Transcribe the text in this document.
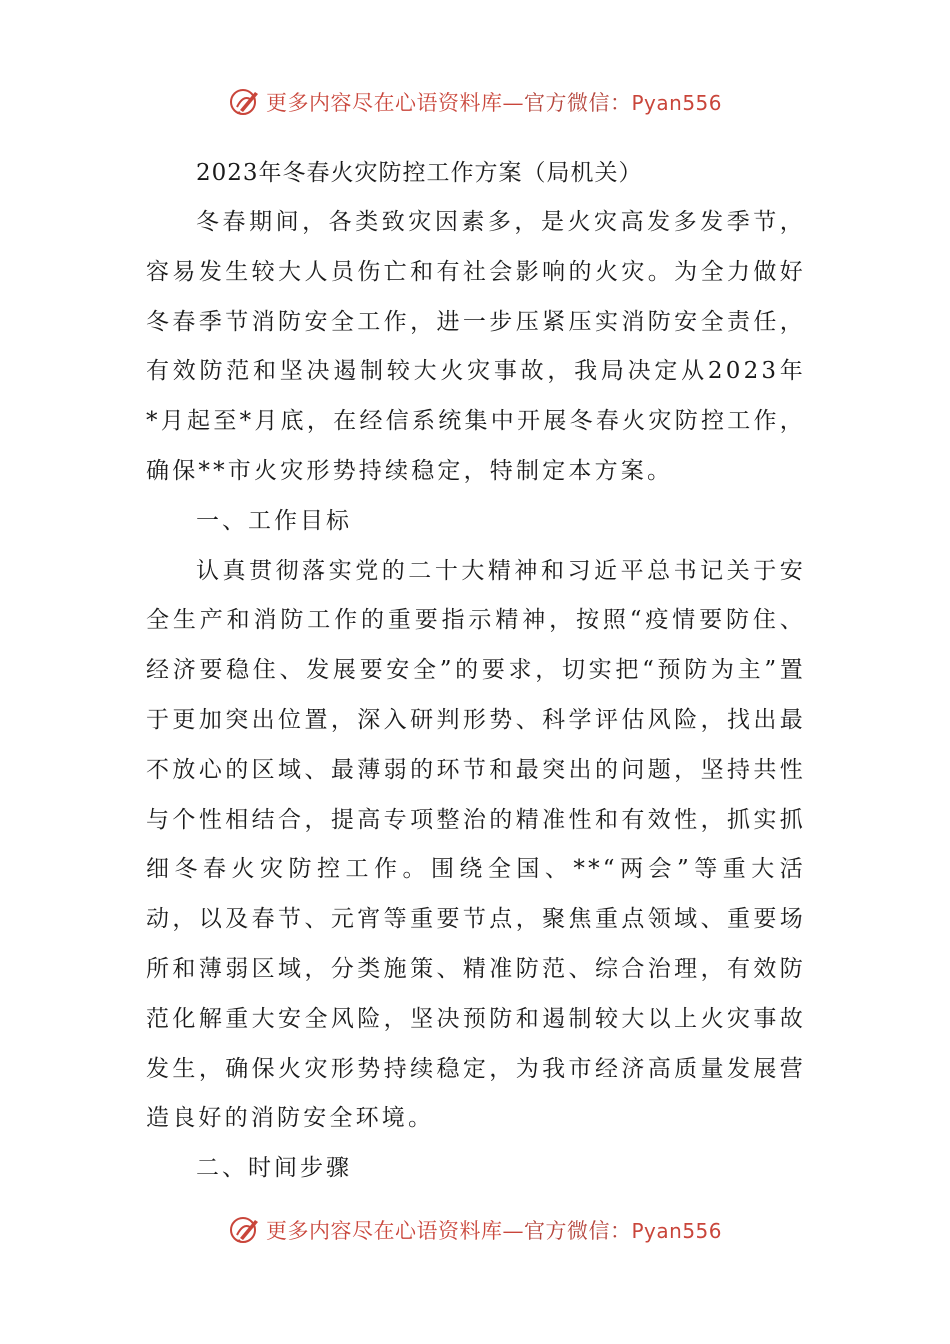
更多内容尽在心语资料库—官方微信：Pyan556
2023年冬春火灾防控工作方案（局机关）

冬春期间，各类致灾因素多，是火灾高发多发季节，容易发生较大人员伤亡和有社会影响的火灾。为全力做好冬春季节消防安全工作，进一步压紧压实消防安全责任，有效防范和坚决遏制较大火灾事故，我局决定从2023年*月起至*月底，在经信系统集中开展冬春火灾防控工作，确保**市火灾形势持续稳定，特制定本方案。

一、工作目标

认真贯彻落实党的二十大精神和习近平总书记关于安全生产和消防工作的重要指示精神，按照“疫情要防住、经济要稳住、发展要安全”的要求，切实把“预防为主”置于更加突出位置，深入研判形势、科学评估风险，找出最不放心的区域、最薄弱的环节和最突出的问题，坚持共性与个性相结合，提高专项整治的精准性和有效性，抓实抓细冬春火灾防控工作。围绕全国、**“两会”等重大活动，以及春节、元宵等重要节点，聚焦重点领域、重要场所和薄弱区域，分类施策、精准防范、综合治理，有效防范化解重大安全风险，坚决预防和遏制较大以上火灾事故发生，确保火灾形势持续稳定，为我市经济高质量发展营造良好的消防安全环境。

二、时间步骤
更多内容尽在心语资料库—官方微信：Pyan556
